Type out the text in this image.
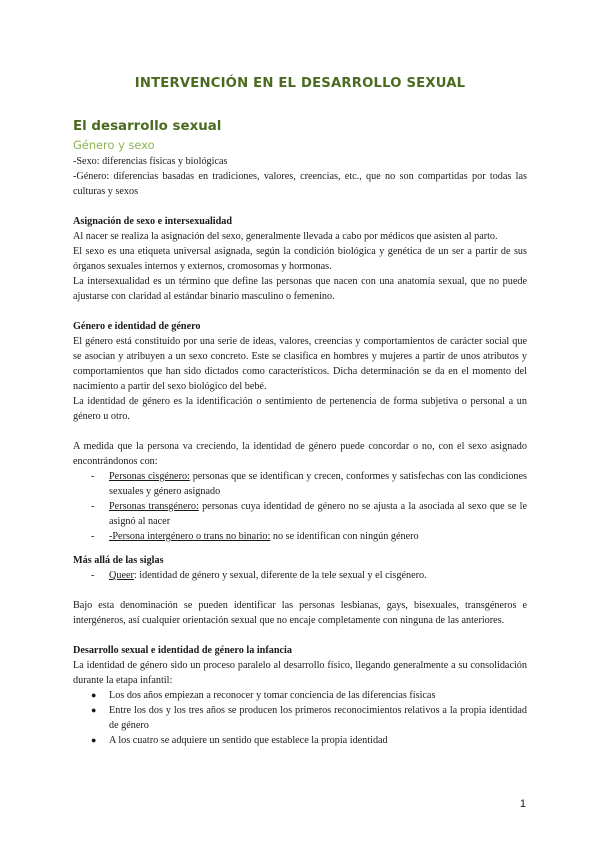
INTERVENCIÓN EN EL DESARROLLO SEXUAL
El desarrollo sexual
Género y sexo

-Sexo: diferencias físicas y biológicas

-Género: diferencias basadas en tradiciones, valores, creencias, etc., que no son compartidas por todas las culturas y sexos

Asignación de sexo e intersexualidad

Al nacer se realiza la asignación del sexo, generalmente llevada a cabo por médicos que asisten al parto.

El sexo es una etiqueta universal asignada, según la condición biológica y genética de un ser a partir de sus órganos sexuales internos y externos, cromosomas y hormonas.

La intersexualidad es un término que define las personas que nacen con una anatomía sexual, que no puede ajustarse con claridad al estándar binario masculino o femenino.

Género e identidad de género

El género está constituido por una serie de ideas, valores, creencias y comportamientos de carácter social que se asocian y atribuyen a un sexo concreto. Este se clasifica en hombres y mujeres a partir de unos atributos y comportamientos que han sido dictados como característicos. Dicha determinación se da en el momento del nacimiento a partir del sexo biológico del bebé.

La identidad de género es la identificación o sentimiento de pertenencia de forma subjetiva o personal a un género u otro.

A medida que la persona va creciendo, la identidad de género puede concordar o no, con el sexo asignado encontrándonos con:

- Personas cisgénero: personas que se identifican y crecen, conformes y satisfechas con las condiciones sexuales y género asignado
- Personas transgénero: personas cuya identidad de género no se ajusta a la asociada al sexo que se le asignó al nacer
- -Persona intergénero o trans no binario: no se identifican con ningún género

Más allá de las siglas

- Queer: identidad de género y sexual, diferente de la tele sexual y el cisgénero.

Bajo esta denominación se pueden identificar las personas lesbianas, gays, bisexuales, transgéneros e intergéneros, así cualquier orientación sexual que no encaje completamente con ninguna de las anteriores.

Desarrollo sexual e identidad de género la infancia

La identidad de género sido un proceso paralelo al desarrollo físico, llegando generalmente a su consolidación durante la etapa infantil:

● Los dos años empiezan a reconocer y tomar conciencia de las diferencias físicas
● Entre los dos y los tres años se producen los primeros reconocimientos relativos a la propia identidad de género
● A los cuatro se adquiere un sentido que establece la propia identidad
1
